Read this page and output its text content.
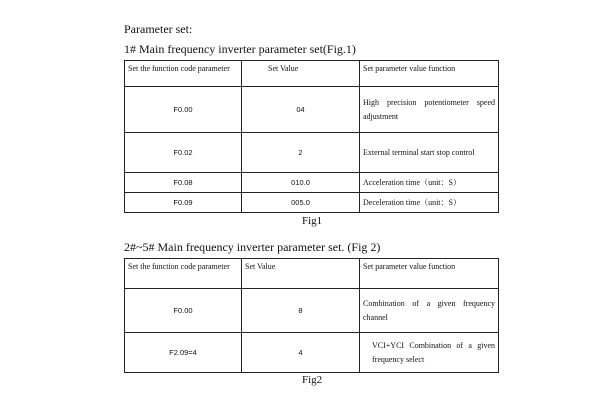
Parameter set:
1# Main frequency inverter parameter set(Fig.1)
Set the function code parameter	Set Value	Set parameter value function
F0.00	04	High precision potentiometer speed adjustment
F0.02	2	External terminal start stop control
F0.08	010.0	Acceleration time（unit：S）
F0.09	005.0	Deceleration time（unit：S）
Fig1
2#~5# Main frequency inverter parameter set. (Fig 2)
Set the function code parameter	Set Value	Set parameter value function
F0.00	8	Combination of a given frequency channel
F2.09=4	4	VCI+YCI Combination of a given frequency select
Fig2
